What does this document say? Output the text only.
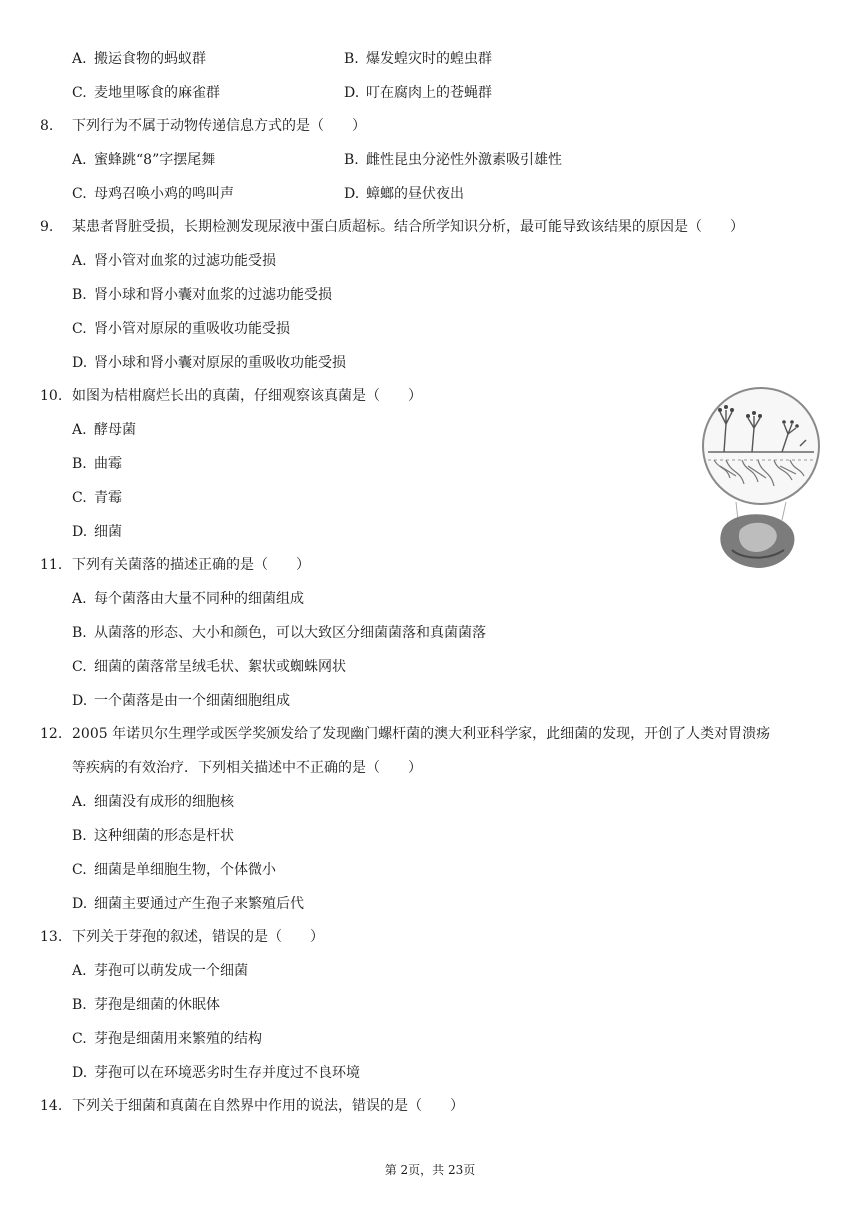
A. 搬运食物的蚂蚁群	B. 爆发蝗灾时的蝗虫群
C. 麦地里啄食的麻雀群	D. 叮在腐肉上的苍蝇群
8. 下列行为不属于动物传递信息方式的是（　　）
A. 蜜蜂跳“8”字摆尾舞	B. 雌性昆虫分泌性外激素吸引雄性
C. 母鸡召唤小鸡的鸣叫声	D. 蟑螂的昼伏夜出
9. 某患者肾脏受损，长期检测发现尿液中蛋白质超标。结合所学知识分析，最可能导致该结果的原因是（　　）
A. 肾小管对血浆的过滤功能受损
B. 肾小球和肾小囊对血浆的过滤功能受损
C. 肾小管对原尿的重吸收功能受损
D. 肾小球和肾小囊对原尿的重吸收功能受损
10. 如图为桔柑腐烂长出的真菌，仔细观察该真菌是（　　）
A. 酵母菌
B. 曲霉
C. 青霉
D. 细菌
11. 下列有关菌落的描述正确的是（　　）
A. 每个菌落由大量不同种的细菌组成
B. 从菌落的形态、大小和颜色，可以大致区分细菌菌落和真菌菌落
C. 细菌的菌落常呈绒毛状、絮状或蜘蛛网状
D. 一个菌落是由一个细菌细胞组成
12. 2005 年诺贝尔生理学或医学奖颁发给了发现幽门螺杆菌的澳大利亚科学家，此细菌的发现，开创了人类对胃溃疡
等疾病的有效治疗．下列相关描述中不正确的是（　　）
A. 细菌没有成形的细胞核
B. 这种细菌的形态是杆状
C. 细菌是单细胞生物，个体微小
D. 细菌主要通过产生孢子来繁殖后代
13. 下列关于芽孢的叙述，错误的是（　　）
A. 芽孢可以萌发成一个细菌
B. 芽孢是细菌的休眠体
C. 芽孢是细菌用来繁殖的结构
D. 芽孢可以在环境恶劣时生存并度过不良环境
14. 下列关于细菌和真菌在自然界中作用的说法，错误的是（　　）
第 2页，共 23页
